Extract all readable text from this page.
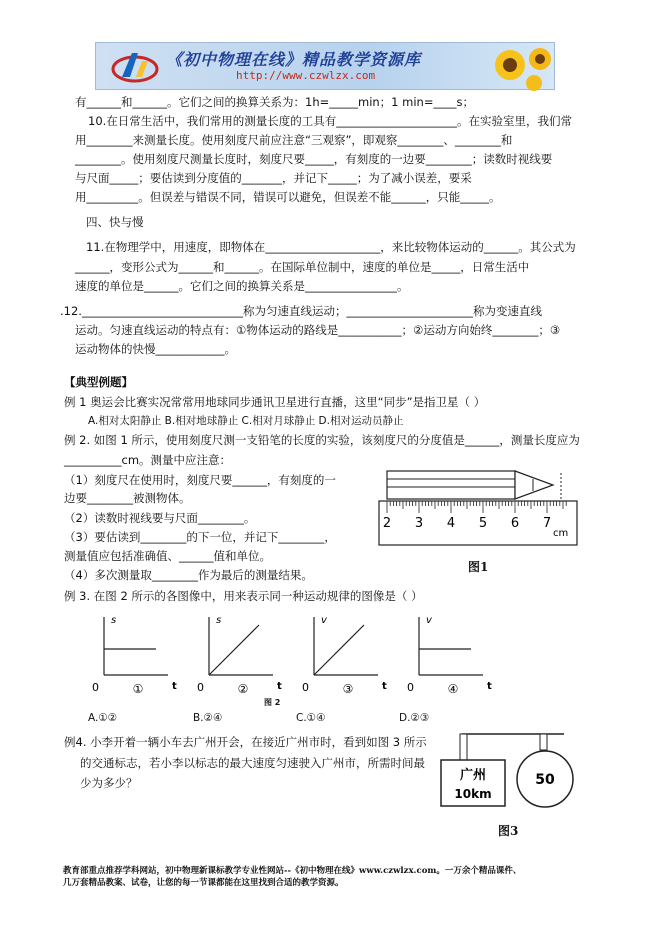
《初中物理在线》精品教学资源库
http://www.czwlzx.com
有______和______。它们之间的换算关系为：1h=_____min；1 min=____s；
10.在日常生活中，我们常用的测量长度的工具有_____________________。在实验室里，我们常
用________来测量长度。使用刻度尺前应注意“三观察”，即观察________、________和
________。使用刻度尺测量长度时，刻度尺要_____，有刻度的一边要________；读数时视线要
与尺面_____；要估读到分度值的_______，并记下_____；为了减小误差，要采
用_________。但误差与错误不同，错误可以避免，但误差不能______，只能_____。
四、快与慢
11.在物理学中，用速度，即物体在____________________，来比较物体运动的______。其公式为
______，变形公式为______和______。在国际单位制中，速度的单位是_____，日常生活中
速度的单位是______。它们之间的换算关系是________________。
.12.____________________________称为匀速直线运动；______________________称为变速直线
运动。匀速直线运动的特点有：①物体运动的路线是___________；②运动方向始终________；③
运动物体的快慢____________。
【典型例题】
例 1 奥运会比赛实况常常用地球同步通讯卫星进行直播，这里“同步”是指卫星（ ）
A.相对太阳静止 B.相对地球静止 C.相对月球静止 D.相对运动员静止
例 2. 如图 1 所示，使用刻度尺测一支铅笔的长度的实验，该刻度尺的分度值是______，测量长度应为
__________cm。测量中应注意：
（1）刻度尺在使用时，刻度尺要______，有刻度的一
边要________被测物体。
（2）读数时视线要与尺面________。
（3）要估读到________的下一位，并记下________，
测量值应包括准确值、______值和单位。
（4）多次测量取________作为最后的测量结果。
2 3 4 5 6 7
cm
图1
例 3. 在图 2 所示的各图像中，用来表示同一种运动规律的图像是（ ）
s
0	t
①
s
0	t
②
v
0	t
③
v
0	t
④
图 2
A.①②	B.②④	C.①④	D.②③
例4. 小李开着一辆小车去广州开会，在接近广州市时，看到如图 3 所示
的交通标志，若小李以标志的最大速度匀速驶入广州市，所需时间最
少为多少？	广州
10km
50
图3
教育部重点推荐学科网站，初中物理新课标教学专业性网站--《初中物理在线》www.czwlzx.com。一万余个精品课件、
几万套精品教案、试卷，让您的每一节课都能在这里找到合适的教学资源。
